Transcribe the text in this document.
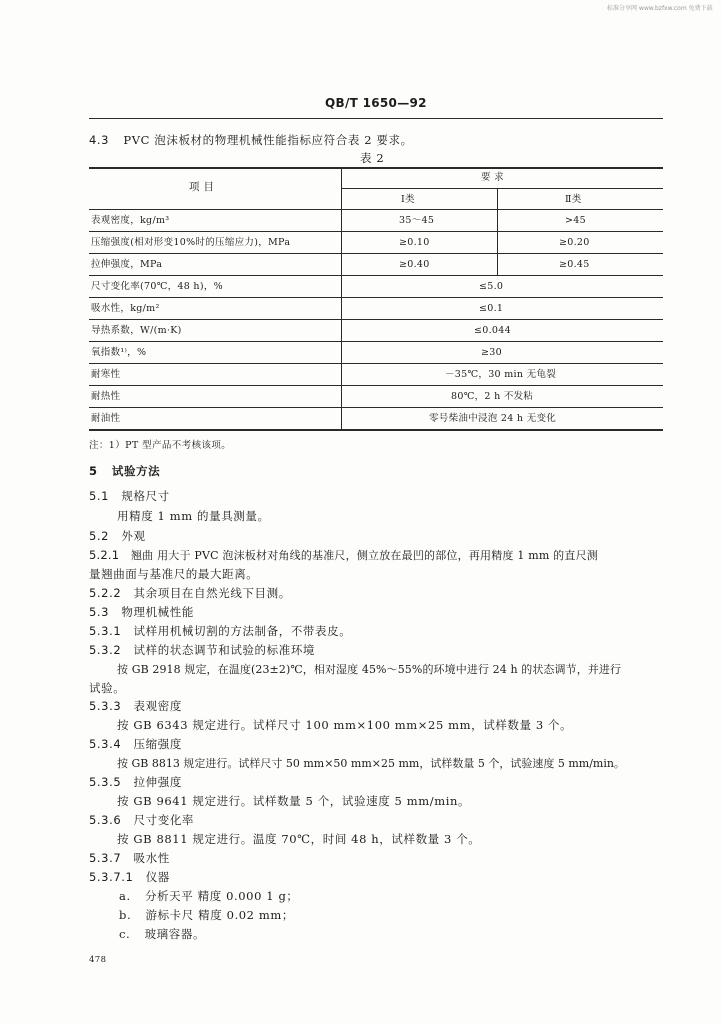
标准分享网 www.bzfxw.com 免费下载
QB/T 1650—92
4.3 PVC 泡沫板材的物理机械性能指标应符合表 2 要求。
表 2
项 目
要 求
Ⅰ类	Ⅱ类
表观密度，kg/m³	35～45	>45
压缩强度(相对形变10%时的压缩应力)，MPa	≥0.10	≥0.20
拉伸强度，MPa	≥0.40	≥0.45
尺寸变化率(70℃，48 h)，%	≤5.0
吸水性，kg/m²	≤0.1
导热系数，W/(m·K)	≤0.044
氧指数¹⁾，%	≥30
耐寒性	－35℃，30 min 无龟裂
耐热性	80℃，2 h 不发粘
耐油性	零号柴油中浸泡 24 h 无变化
注：1）PT 型产品不考核该项。
5 试验方法
5.1 规格尺寸
用精度 1 mm 的量具测量。
5.2 外观
5.2.1 翘曲 用大于 PVC 泡沫板材对角线的基准尺，侧立放在最凹的部位，再用精度 1 mm 的直尺测
量翘曲面与基准尺的最大距离。
5.2.2 其余项目在自然光线下目测。
5.3 物理机械性能
5.3.1 试样用机械切割的方法制备，不带表皮。
5.3.2 试样的状态调节和试验的标准环境
按 GB 2918 规定，在温度(23±2)℃，相对湿度 45%～55%的环境中进行 24 h 的状态调节，并进行
试验。
5.3.3 表观密度
按 GB 6343 规定进行。试样尺寸 100 mm×100 mm×25 mm，试样数量 3 个。
5.3.4 压缩强度
按 GB 8813 规定进行。试样尺寸 50 mm×50 mm×25 mm，试样数量 5 个，试验速度 5 mm/min。
5.3.5 拉伸强度
按 GB 9641 规定进行。试样数量 5 个，试验速度 5 mm/min。
5.3.6 尺寸变化率
按 GB 8811 规定进行。温度 70℃，时间 48 h，试样数量 3 个。
5.3.7 吸水性
5.3.7.1 仪器
a. 分析天平 精度 0.000 1 g；
b. 游标卡尺 精度 0.02 mm；
c. 玻璃容器。
478
